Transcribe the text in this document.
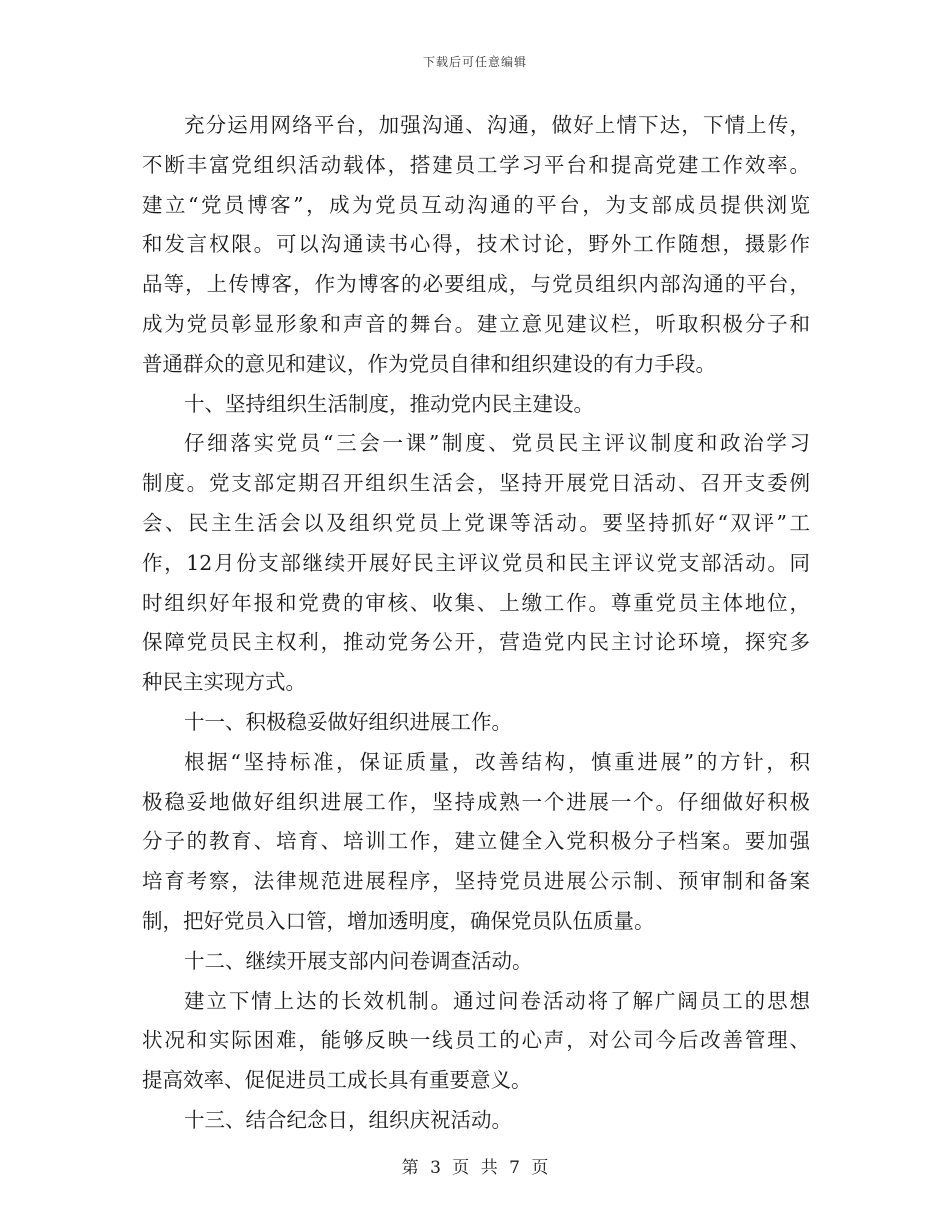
下载后可任意编辑
充分运用网络平台，加强沟通、沟通，做好上情下达，下情上传，
不断丰富党组织活动载体，搭建员工学习平台和提高党建工作效率。
建立“党员博客”，成为党员互动沟通的平台，为支部成员提供浏览
和发言权限。可以沟通读书心得，技术讨论，野外工作随想，摄影作
品等，上传博客，作为博客的必要组成，与党员组织内部沟通的平台，
成为党员彰显形象和声音的舞台。建立意见建议栏，听取积极分子和
普通群众的意见和建议，作为党员自律和组织建设的有力手段。
十、坚持组织生活制度，推动党内民主建设。
仔细落实党员“三会一课”制度、党员民主评议制度和政治学习
制度。党支部定期召开组织生活会，坚持开展党日活动、召开支委例
会、民主生活会以及组织党员上党课等活动。要坚持抓好“双评”工
作，12月份支部继续开展好民主评议党员和民主评议党支部活动。同
时组织好年报和党费的审核、收集、上缴工作。尊重党员主体地位，
保障党员民主权利，推动党务公开，营造党内民主讨论环境，探究多
种民主实现方式。
十一、积极稳妥做好组织进展工作。
根据“坚持标准，保证质量，改善结构，慎重进展”的方针，积
极稳妥地做好组织进展工作，坚持成熟一个进展一个。仔细做好积极
分子的教育、培育、培训工作，建立健全入党积极分子档案。要加强
培育考察，法律规范进展程序，坚持党员进展公示制、预审制和备案
制，把好党员入口管，增加透明度，确保党员队伍质量。
十二、继续开展支部内问卷调查活动。
建立下情上达的长效机制。通过问卷活动将了解广阔员工的思想
状况和实际困难，能够反映一线员工的心声，对公司今后改善管理、
提高效率、促促进员工成长具有重要意义。
十三、结合纪念日，组织庆祝活动。
第 3 页 共 7 页
